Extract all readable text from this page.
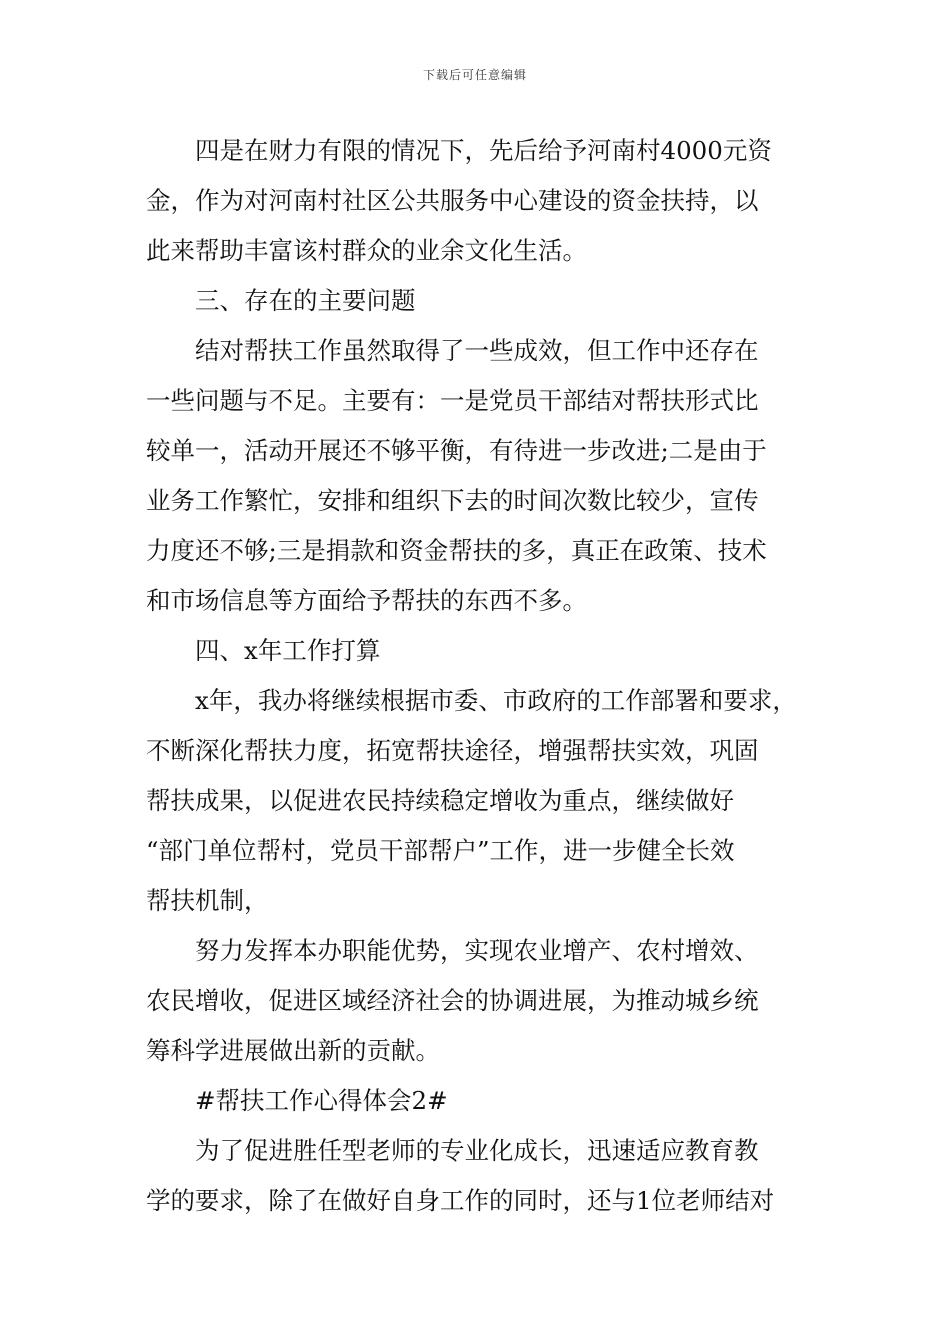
下载后可任意编辑

　　四是在财力有限的情况下，先后给予河南村4000元资

金，作为对河南村社区公共服务中心建设的资金扶持，以

此来帮助丰富该村群众的业余文化生活。

　　三、存在的主要问题

　　结对帮扶工作虽然取得了一些成效，但工作中还存在

一些问题与不足。主要有：一是党员干部结对帮扶形式比

较单一，活动开展还不够平衡，有待进一步改进;二是由于

业务工作繁忙，安排和组织下去的时间次数比较少，宣传

力度还不够;三是捐款和资金帮扶的多，真正在政策、技术

和市场信息等方面给予帮扶的东西不多。

　　四、x年工作打算

　　x年，我办将继续根据市委、市政府的工作部署和要求，

不断深化帮扶力度，拓宽帮扶途径，增强帮扶实效，巩固

帮扶成果，以促进农民持续稳定增收为重点，继续做好

“部门单位帮村，党员干部帮户”工作，进一步健全长效

帮扶机制，

　　努力发挥本办职能优势，实现农业增产、农村增效、

农民增收，促进区域经济社会的协调进展，为推动城乡统

筹科学进展做出新的贡献。

　　#帮扶工作心得体会2#

　　为了促进胜任型老师的专业化成长，迅速适应教育教

学的要求，除了在做好自身工作的同时，还与1位老师结对
